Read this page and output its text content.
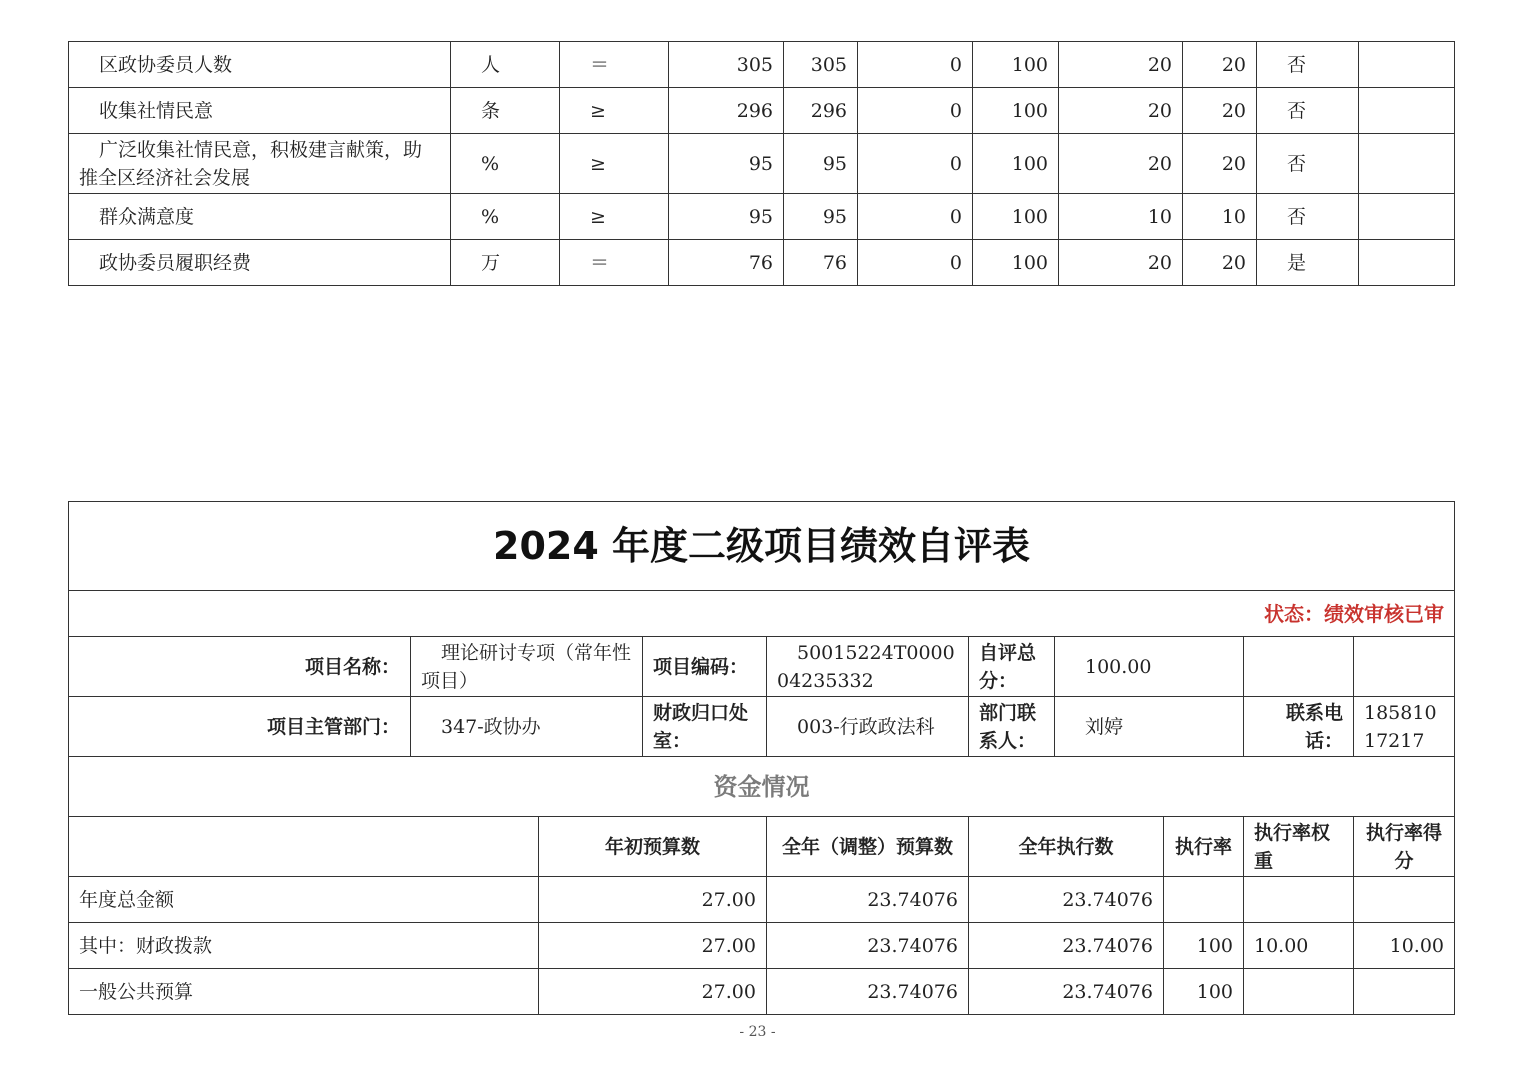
区政协委员人数	人	＝	305	305	0	100	20	20	否	
收集社情民意	条	≥	296	296	0	100	20	20	否	
广泛收集社情民意，积极建言献策，助推全区经济社会发展	%	≥	95	95	0	100	20	20	否	
群众满意度	%	≥	95	95	0	100	10	10	否	
政协委员履职经费	万	＝	76	76	0	100	20	20	是	
2024 年度二级项目绩效自评表									
状态：绩效审核已审									
项目名称：	理论研讨专项（常年性项目）		项目编码：	50015224T000004235332	自评总分：	100.00			
项目主管部门：	347-政协办		财政归口处室：	003-行政政法科	部门联系人：	刘婷		联系电话：	18581017217
资金情况									
		年初预算数		全年（调整）预算数	全年执行数		执行率	执行率权重	执行率得分
年度总金额		27.00		23.74076	23.74076				
其中：财政拨款		27.00		23.74076	23.74076		100	10.00	10.00
一般公共预算		27.00		23.74076	23.74076		100		
- 23 -
